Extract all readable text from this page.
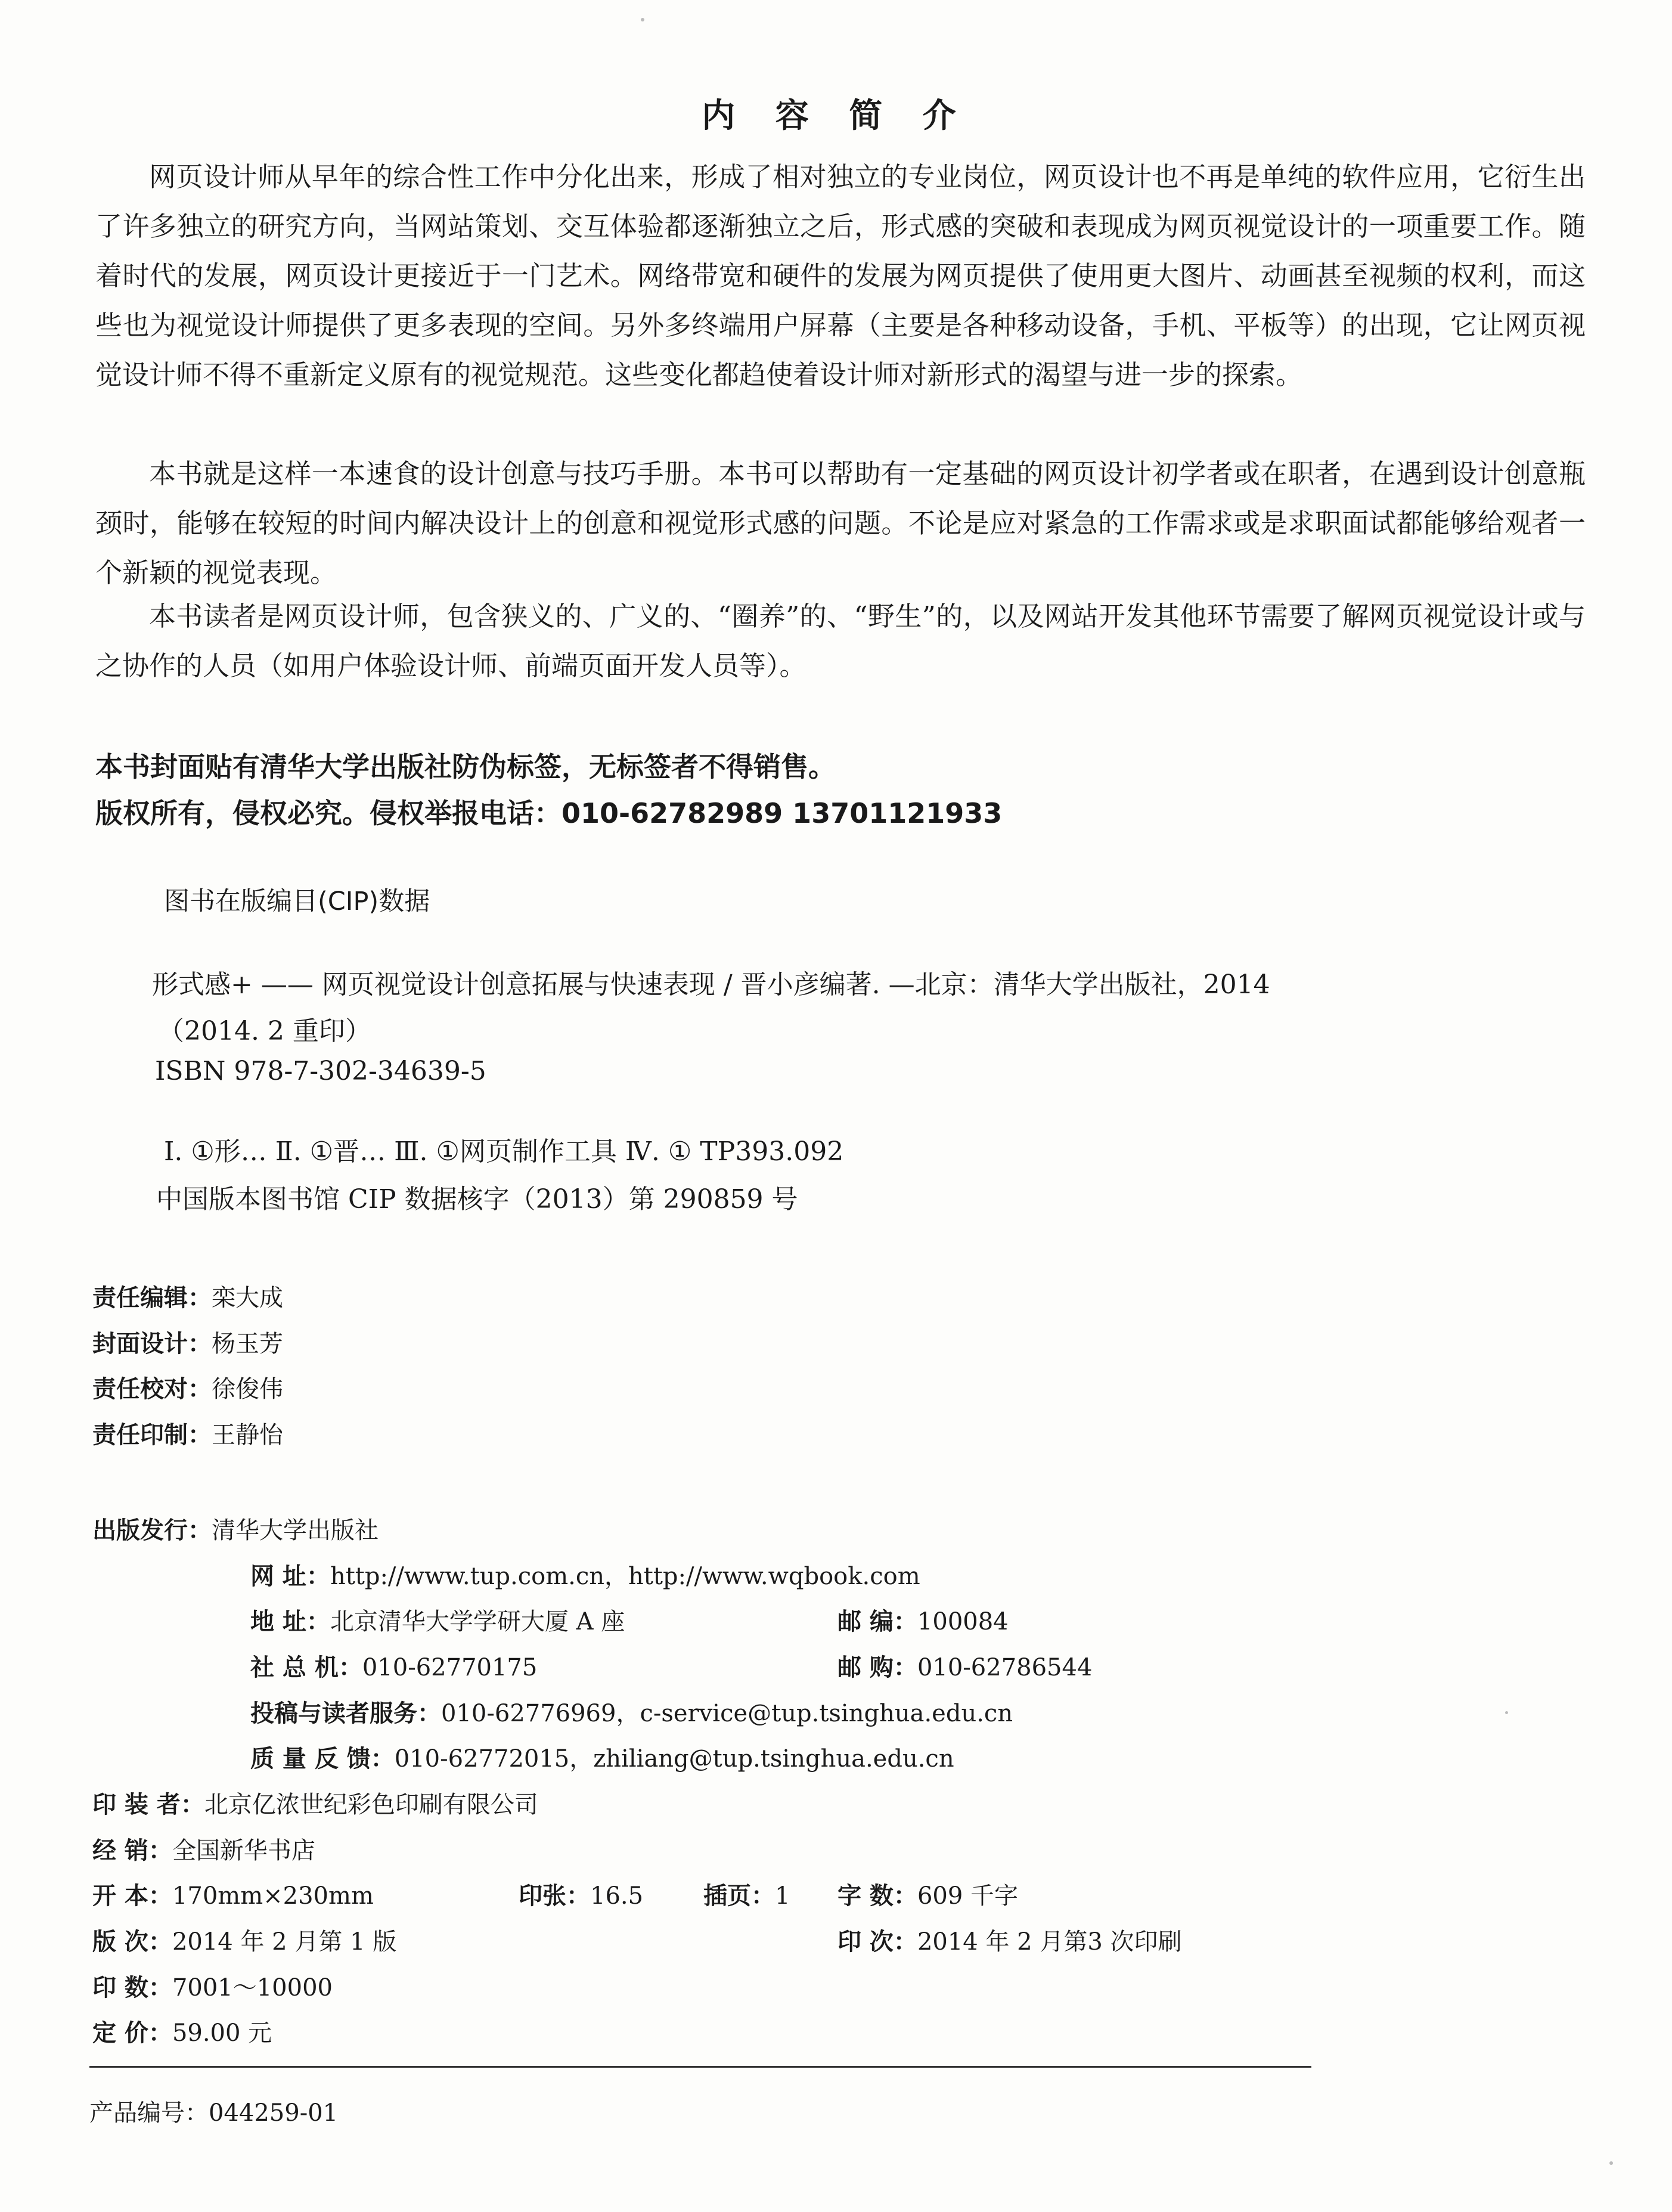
内 容 简 介

网页设计师从早年的综合性工作中分化出来，形成了相对独立的专业岗位，网页设计也不再是单纯的软件应用，它衍生出了许多独立的研究方向，当网站策划、交互体验都逐渐独立之后，形式感的突破和表现成为网页视觉设计的一项重要工作。随着时代的发展，网页设计更接近于一门艺术。网络带宽和硬件的发展为网页提供了使用更大图片、动画甚至视频的权利，而这些也为视觉设计师提供了更多表现的空间。另外多终端用户屏幕（主要是各种移动设备，手机、平板等）的出现，它让网页视觉设计师不得不重新定义原有的视觉规范。这些变化都趋使着设计师对新形式的渴望与进一步的探索。

本书就是这样一本速食的设计创意与技巧手册。本书可以帮助有一定基础的网页设计初学者或在职者，在遇到设计创意瓶颈时，能够在较短的时间内解决设计上的创意和视觉形式感的问题。不论是应对紧急的工作需求或是求职面试都能够给观者一个新颖的视觉表现。

本书读者是网页设计师，包含狭义的、广义的、“圈养”的、“野生”的，以及网站开发其他环节需要了解网页视觉设计或与之协作的人员（如用户体验设计师、前端页面开发人员等）。

本书封面贴有清华大学出版社防伪标签，无标签者不得销售。
版权所有，侵权必究。侵权举报电话：010-62782989 13701121933
图书在版编目(CIP)数据
形式感+ —— 网页视觉设计创意拓展与快速表现 / 晋小彦编著. —北京：清华大学出版社，2014
（2014. 2 重印）
ISBN 978-7-302-34639-5
Ⅰ. ①形… Ⅱ. ①晋… Ⅲ. ①网页制作工具 Ⅳ. ① TP393.092
中国版本图书馆 CIP 数据核字（2013）第 290859 号
责任编辑：栾大成
封面设计：杨玉芳
责任校对：徐俊伟
责任印制：王静怡
出版发行：清华大学出版社
网 址：http://www.tup.com.cn，http://www.wqbook.com
地 址：北京清华大学学研大厦 A 座	邮 编：100084
社 总 机：010-62770175	邮 购：010-62786544
投稿与读者服务：010-62776969，c-service@tup.tsinghua.edu.cn
质 量 反 馈：010-62772015，zhiliang@tup.tsinghua.edu.cn
印 装 者：北京亿浓世纪彩色印刷有限公司
经 销：全国新华书店
开 本：170mm×230mm	印张：16.5	插页：1 字 数：609 千字
版 次：2014 年 2 月第 1 版	印 次：2014 年 2 月第3 次印刷
印 数：7001～10000
定 价：59.00 元
产品编号：044259-01
